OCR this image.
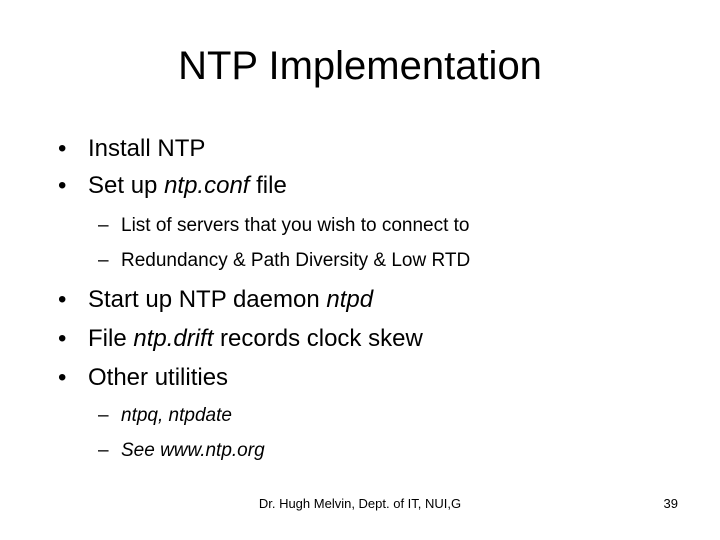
NTP Implementation
• Install NTP
• Set up ntp.conf file
– List of servers that you wish to connect to
– Redundancy & Path Diversity & Low RTD
• Start up NTP daemon ntpd
• File ntp.drift records clock skew
• Other utilities
– ntpq, ntpdate
– See www.ntp.org
Dr. Hugh Melvin, Dept. of IT, NUI,G	39
